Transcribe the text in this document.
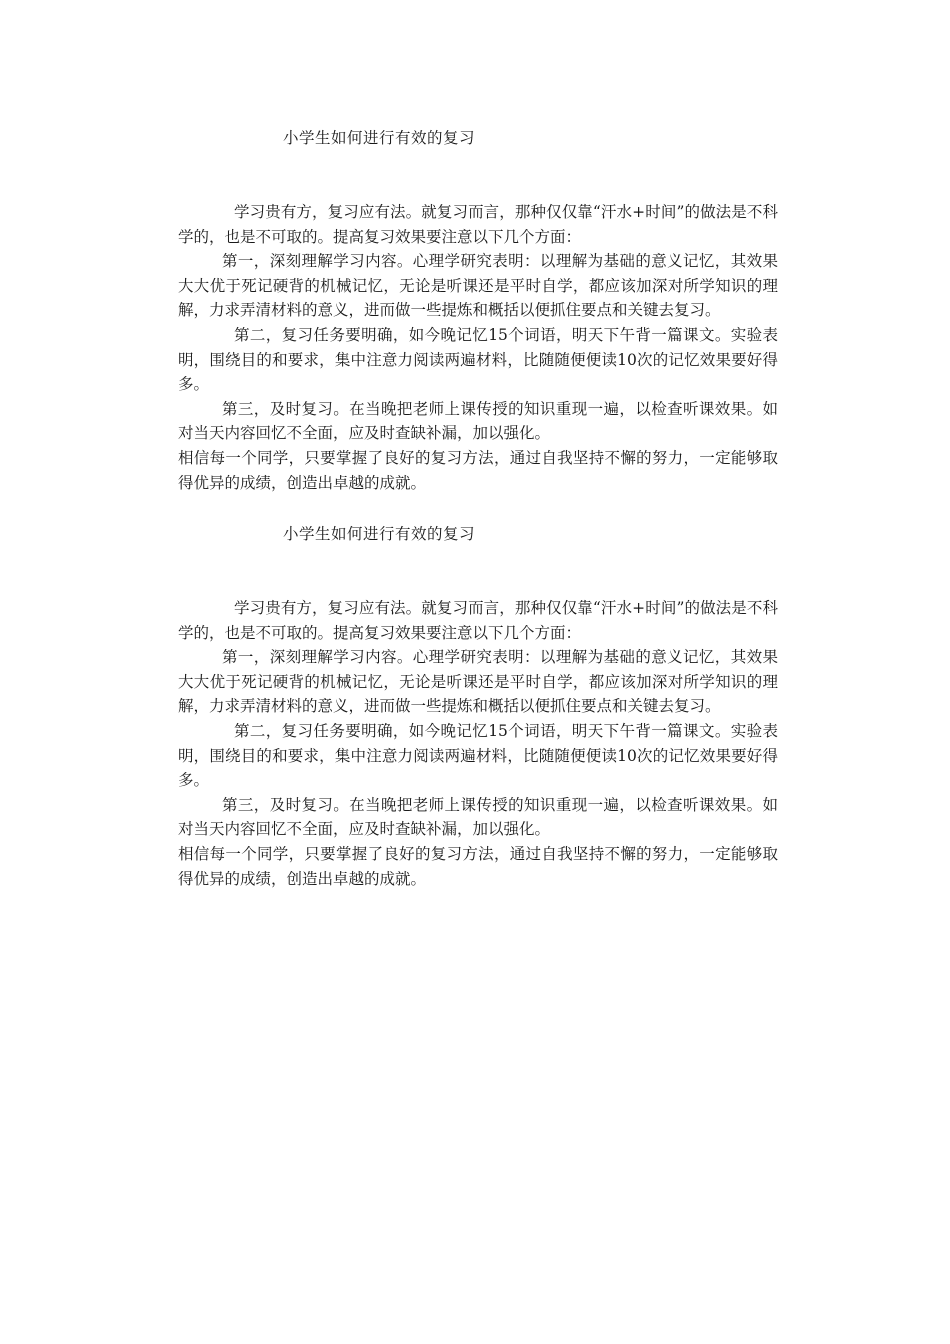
小学生如何进行有效的复习

学习贵有方，复习应有法。就复习而言，那种仅仅靠“汗水+时间”的做法是不科学的，也是不可取的。提高复习效果要注意以下几个方面：

第一，深刻理解学习内容。心理学研究表明：以理解为基础的意义记忆，其效果大大优于死记硬背的机械记忆，无论是听课还是平时自学，都应该加深对所学知识的理解，力求弄清材料的意义，进而做一些提炼和概括以便抓住要点和关键去复习。

第二，复习任务要明确，如今晚记忆15个词语，明天下午背一篇课文。实验表明，围绕目的和要求，集中注意力阅读两遍材料，比随随便便读10次的记忆效果要好得多。

第三，及时复习。在当晚把老师上课传授的知识重现一遍，以检查听课效果。如对当天内容回忆不全面，应及时查缺补漏，加以强化。

相信每一个同学，只要掌握了良好的复习方法，通过自我坚持不懈的努力，一定能够取得优异的成绩，创造出卓越的成就。

小学生如何进行有效的复习

学习贵有方，复习应有法。就复习而言，那种仅仅靠“汗水+时间”的做法是不科学的，也是不可取的。提高复习效果要注意以下几个方面：

第一，深刻理解学习内容。心理学研究表明：以理解为基础的意义记忆，其效果大大优于死记硬背的机械记忆，无论是听课还是平时自学，都应该加深对所学知识的理解，力求弄清材料的意义，进而做一些提炼和概括以便抓住要点和关键去复习。

第二，复习任务要明确，如今晚记忆15个词语，明天下午背一篇课文。实验表明，围绕目的和要求，集中注意力阅读两遍材料，比随随便便读10次的记忆效果要好得多。

第三，及时复习。在当晚把老师上课传授的知识重现一遍，以检查听课效果。如对当天内容回忆不全面，应及时查缺补漏，加以强化。

相信每一个同学，只要掌握了良好的复习方法，通过自我坚持不懈的努力，一定能够取得优异的成绩，创造出卓越的成就。
